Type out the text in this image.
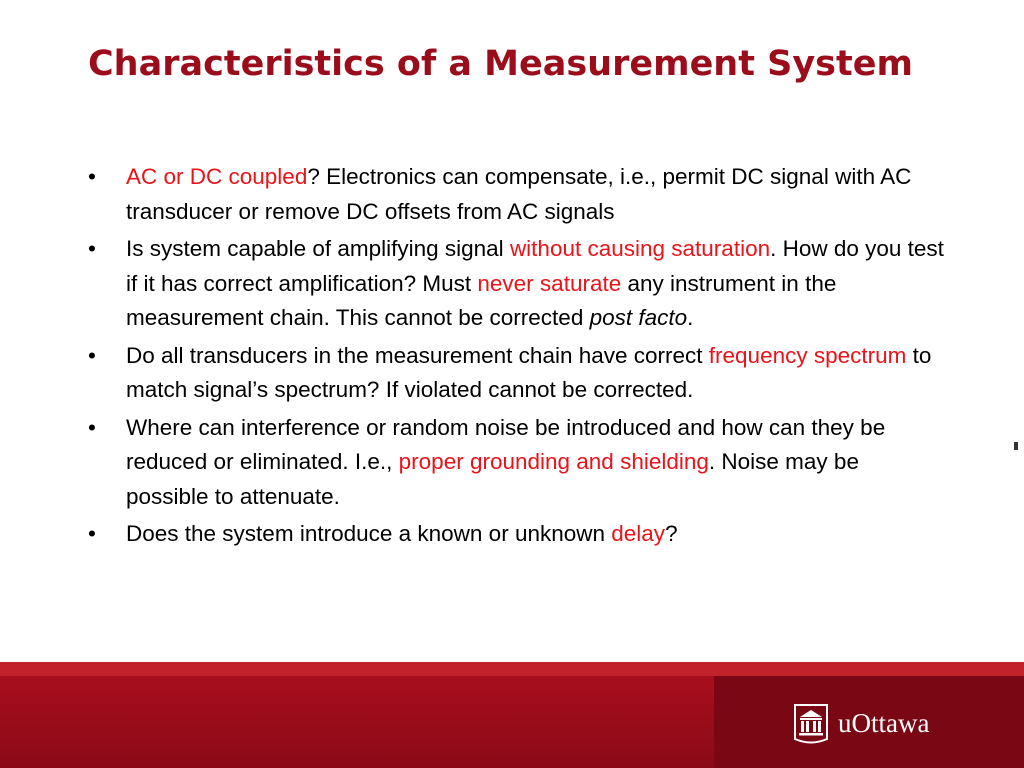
Characteristics of a Measurement System
• AC or DC coupled? Electronics can compensate, i.e., permit DC signal with AC transducer or remove DC offsets from AC signals
• Is system capable of amplifying signal without causing saturation. How do you test if it has correct amplification? Must never saturate any instrument in the measurement chain. This cannot be corrected post facto.
• Do all transducers in the measurement chain have correct frequency spectrum to match signal’s spectrum? If violated cannot be corrected.
• Where can interference or random noise be introduced and how can they be reduced or eliminated. I.e., proper grounding and shielding. Noise may be possible to attenuate.
• Does the system introduce a known or unknown delay?
uOttawa
